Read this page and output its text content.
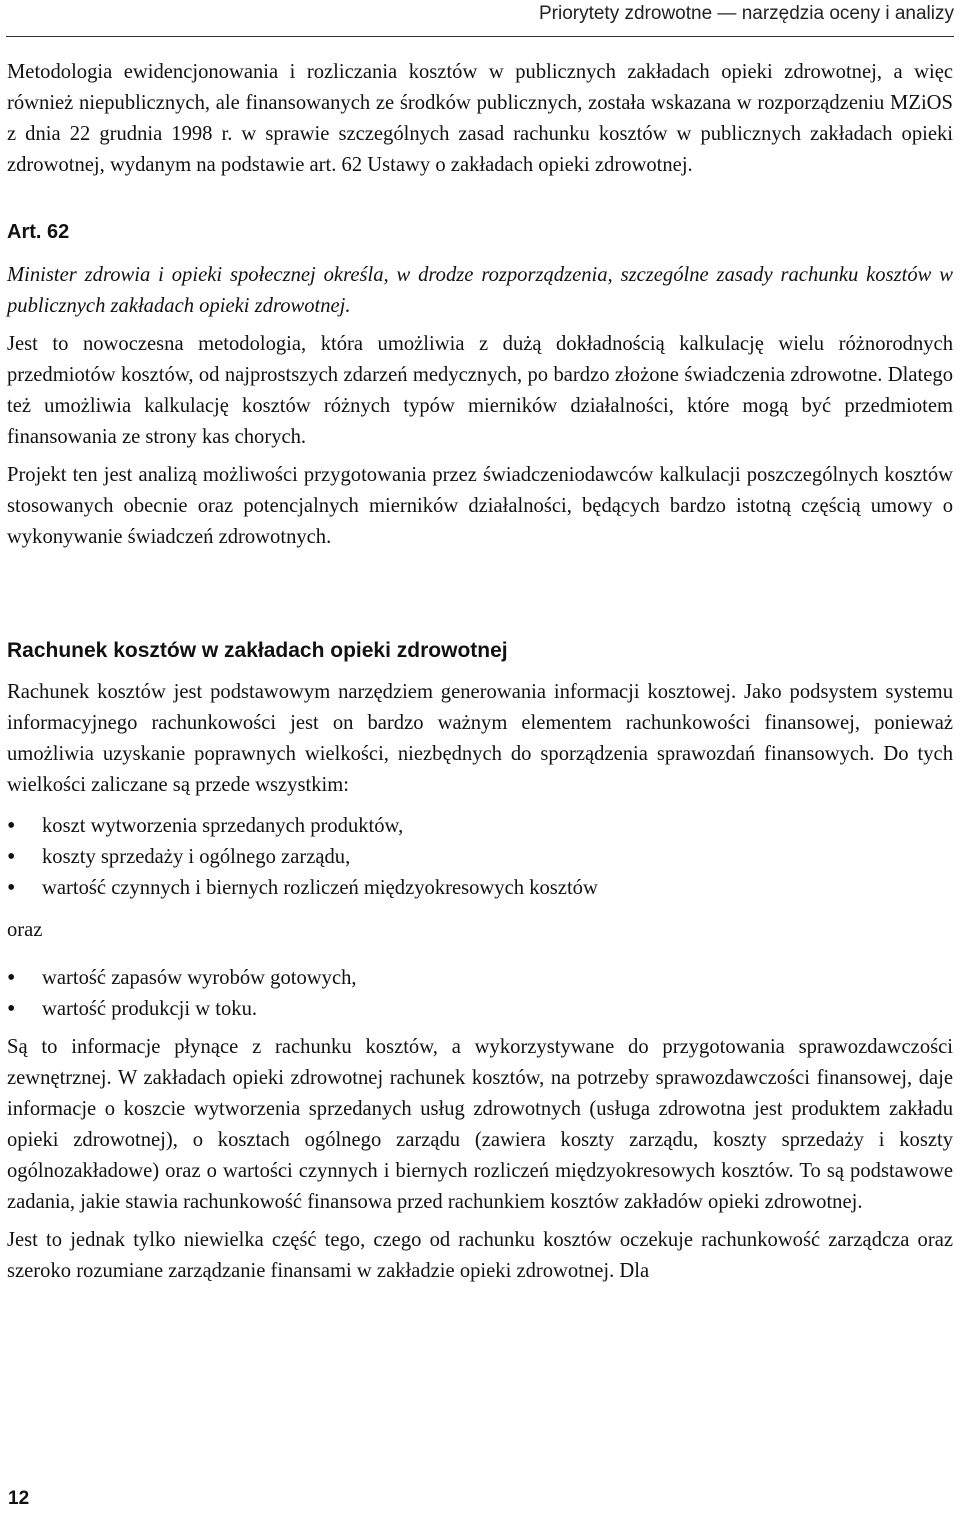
Priorytety zdrowotne — narzędzia oceny i analizy

Metodologia ewidencjonowania i rozliczania kosztów w publicznych zakładach opieki zdrowotnej, a więc również niepublicznych, ale finansowanych ze środków publicznych, została wskazana w rozporządzeniu MZiOS z dnia 22 grudnia 1998 r. w sprawie szczególnych zasad rachunku kosztów w publicznych zakładach opieki zdrowotnej, wydanym na podstawie art. 62 Ustawy o zakładach opieki zdrowotnej.

Art. 62

Minister zdrowia i opieki społecznej określa, w drodze rozporządzenia, szczególne zasady rachunku kosztów w publicznych zakładach opieki zdrowotnej.

Jest to nowoczesna metodologia, która umożliwia z dużą dokładnością kalkulację wielu różnorodnych przedmiotów kosztów, od najprostszych zdarzeń medycznych, po bardzo złożone świadczenia zdrowotne. Dlatego też umożliwia kalkulację kosztów różnych typów mierników działalności, które mogą być przedmiotem finansowania ze strony kas chorych.

Projekt ten jest analizą możliwości przygotowania przez świadczeniodawców kalkulacji poszczególnych kosztów stosowanych obecnie oraz potencjalnych mierników działalności, będących bardzo istotną częścią umowy o wykonywanie świadczeń zdrowotnych.

Rachunek kosztów w zakładach opieki zdrowotnej

Rachunek kosztów jest podstawowym narzędziem generowania informacji kosztowej. Jako podsystem systemu informacyjnego rachunkowości jest on bardzo ważnym elementem rachunkowości finansowej, ponieważ umożliwia uzyskanie poprawnych wielkości, niezbędnych do sporządzenia sprawozdań finansowych. Do tych wielkości zaliczane są przede wszystkim:

• koszt wytworzenia sprzedanych produktów,
• koszty sprzedaży i ogólnego zarządu,
• wartość czynnych i biernych rozliczeń międzyokresowych kosztów

oraz

• wartość zapasów wyrobów gotowych,
• wartość produkcji w toku.

Są to informacje płynące z rachunku kosztów, a wykorzystywane do przygotowania sprawozdawczości zewnętrznej. W zakładach opieki zdrowotnej rachunek kosztów, na potrzeby sprawozdawczości finansowej, daje informacje o koszcie wytworzenia sprzedanych usług zdrowotnych (usługa zdrowotna jest produktem zakładu opieki zdrowotnej), o kosztach ogólnego zarządu (zawiera koszty zarządu, koszty sprzedaży i koszty ogólnozakładowe) oraz o wartości czynnych i biernych rozliczeń międzyokresowych kosztów. To są podstawowe zadania, jakie stawia rachunkowość finansowa przed rachunkiem kosztów zakładów opieki zdrowotnej.

Jest to jednak tylko niewielka część tego, czego od rachunku kosztów oczekuje rachunkowość zarządcza oraz szeroko rozumiane zarządzanie finansami w zakładzie opieki zdrowotnej. Dla

12
